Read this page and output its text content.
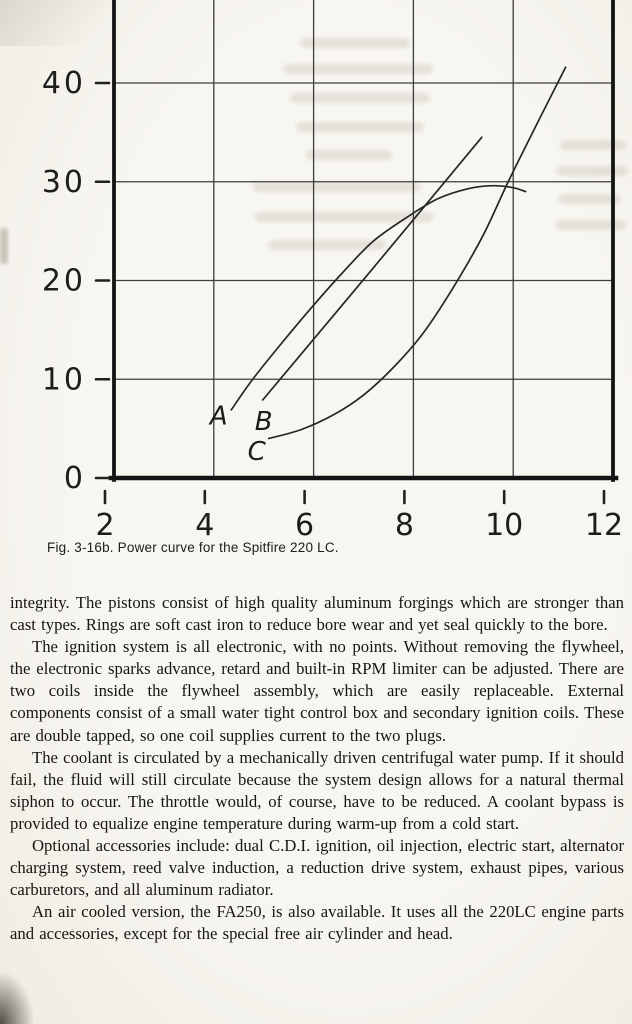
2	4	6	8 10 12
0
10
20
30
40
A B
C
Fig. 3-16b. Power curve for the Spitfire 220 LC.

integrity. The pistons consist of high quality aluminum forgings which are stronger than cast types. Rings are soft cast iron to reduce bore wear and yet seal quickly to the bore.

The ignition system is all electronic, with no points. Without removing the flywheel, the electronic sparks advance, retard and built-in RPM limiter can be adjusted. There are two coils inside the flywheel assembly, which are easily replaceable. External components consist of a small water tight control box and secondary ignition coils. These are double tapped, so one coil supplies current to the two plugs.

The coolant is circulated by a mechanically driven centrifugal water pump. If it should fail, the fluid will still circulate because the system design allows for a natural thermal siphon to occur. The throttle would, of course, have to be reduced. A coolant bypass is provided to equalize engine temperature during warm-up from a cold start.

Optional accessories include: dual C.D.I. ignition, oil injection, electric start, alternator charging system, reed valve induction, a reduction drive system, exhaust pipes, various carburetors, and all aluminum radiator.

An air cooled version, the FA250, is also available. It uses all the 220LC engine parts and accessories, except for the special free air cylinder and head.
